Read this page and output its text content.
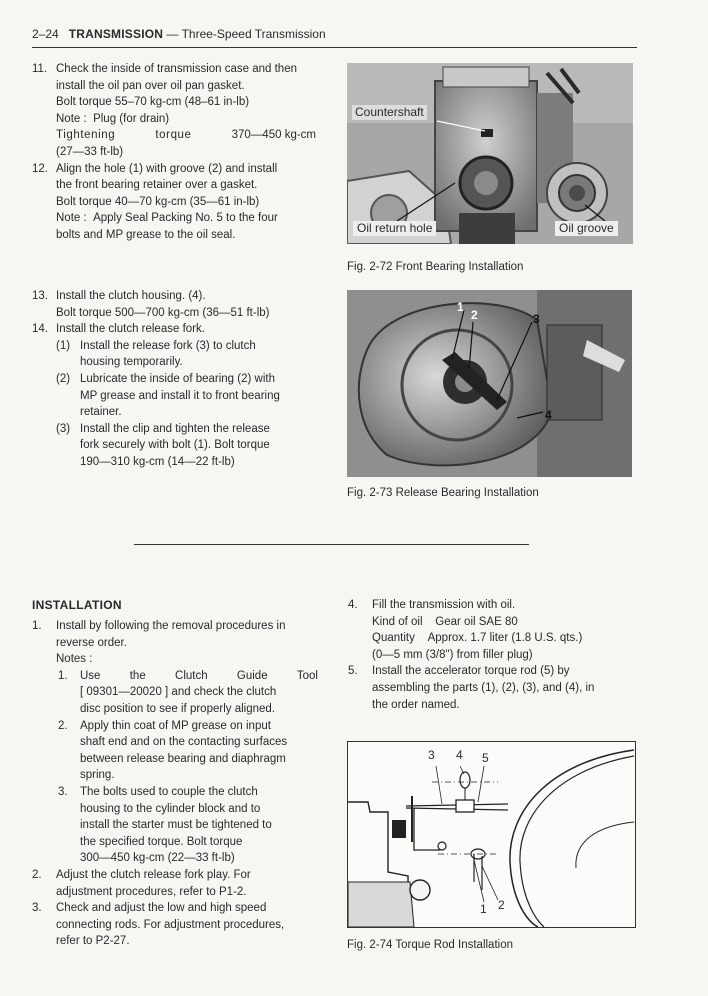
2–24 TRANSMISSION — Three-Speed Transmission
11. Check the inside of transmission case and then

install the oil pan over oil pan gasket.

Bolt torque 55–70 kg-cm (48–61 in-lb)

Note : Plug (for drain)

Tightening	torque	370—450 kg-cm

(27—33 ft-lb)

12. Align the hole (1) with groove (2) and install

the front bearing retainer over a gasket.

Bolt torque 40—70 kg-cm (35—61 in-lb)

Note : Apply Seal Packing No. 5 to the four

bolts and MP grease to the oil seal.

13. Install the clutch housing. (4).

Bolt torque 500—700 kg-cm (36—51 ft-lb)

14. Install the clutch release fork.

(1) Install the release fork (3) to clutch

housing temporarily.

(2) Lubricate the inside of bearing (2) with

MP grease and install it to front bearing

retainer.

(3) Install the clip and tighten the release

fork securely with bolt (1). Bolt torque

190—310 kg-cm (14—22 ft-lb)

Countershaft
Oil return hole	Oil groove
Fig. 2-72 Front Bearing Installation
1
2	3
4
Fig. 2-73 Release Bearing Installation
INSTALLATION
1. Install by following the removal procedures in

reverse order.

Notes :

1. Use	the	Clutch	Guide	Tool

[ 09301—20020 ] and check the clutch

disc position to see if properly aligned.

2. Apply thin coat of MP grease on input

shaft end and on the contacting surfaces

between release bearing and diaphragm

spring.

3. The bolts used to couple the clutch

housing to the cylinder block and to

install the starter must be tightened to

the specified torque. Bolt torque

300—450 kg-cm (22—33 ft-lb)

2. Adjust the clutch release fork play. For

adjustment procedures, refer to P1-2.

3. Check and adjust the low and high speed

connecting rods. For adjustment procedures,

refer to P2-27.

4. Fill the transmission with oil.

Kind of oil Gear oil SAE 80

Quantity Approx. 1.7 liter (1.8 U.S. qts.)

(0—5 mm (3/8") from filler plug)

5. Install the accelerator torque rod (5) by

assembling the parts (1), (2), (3), and (4), in

the order named.

3 4 5
1 2
Fig. 2-74 Torque Rod Installation
